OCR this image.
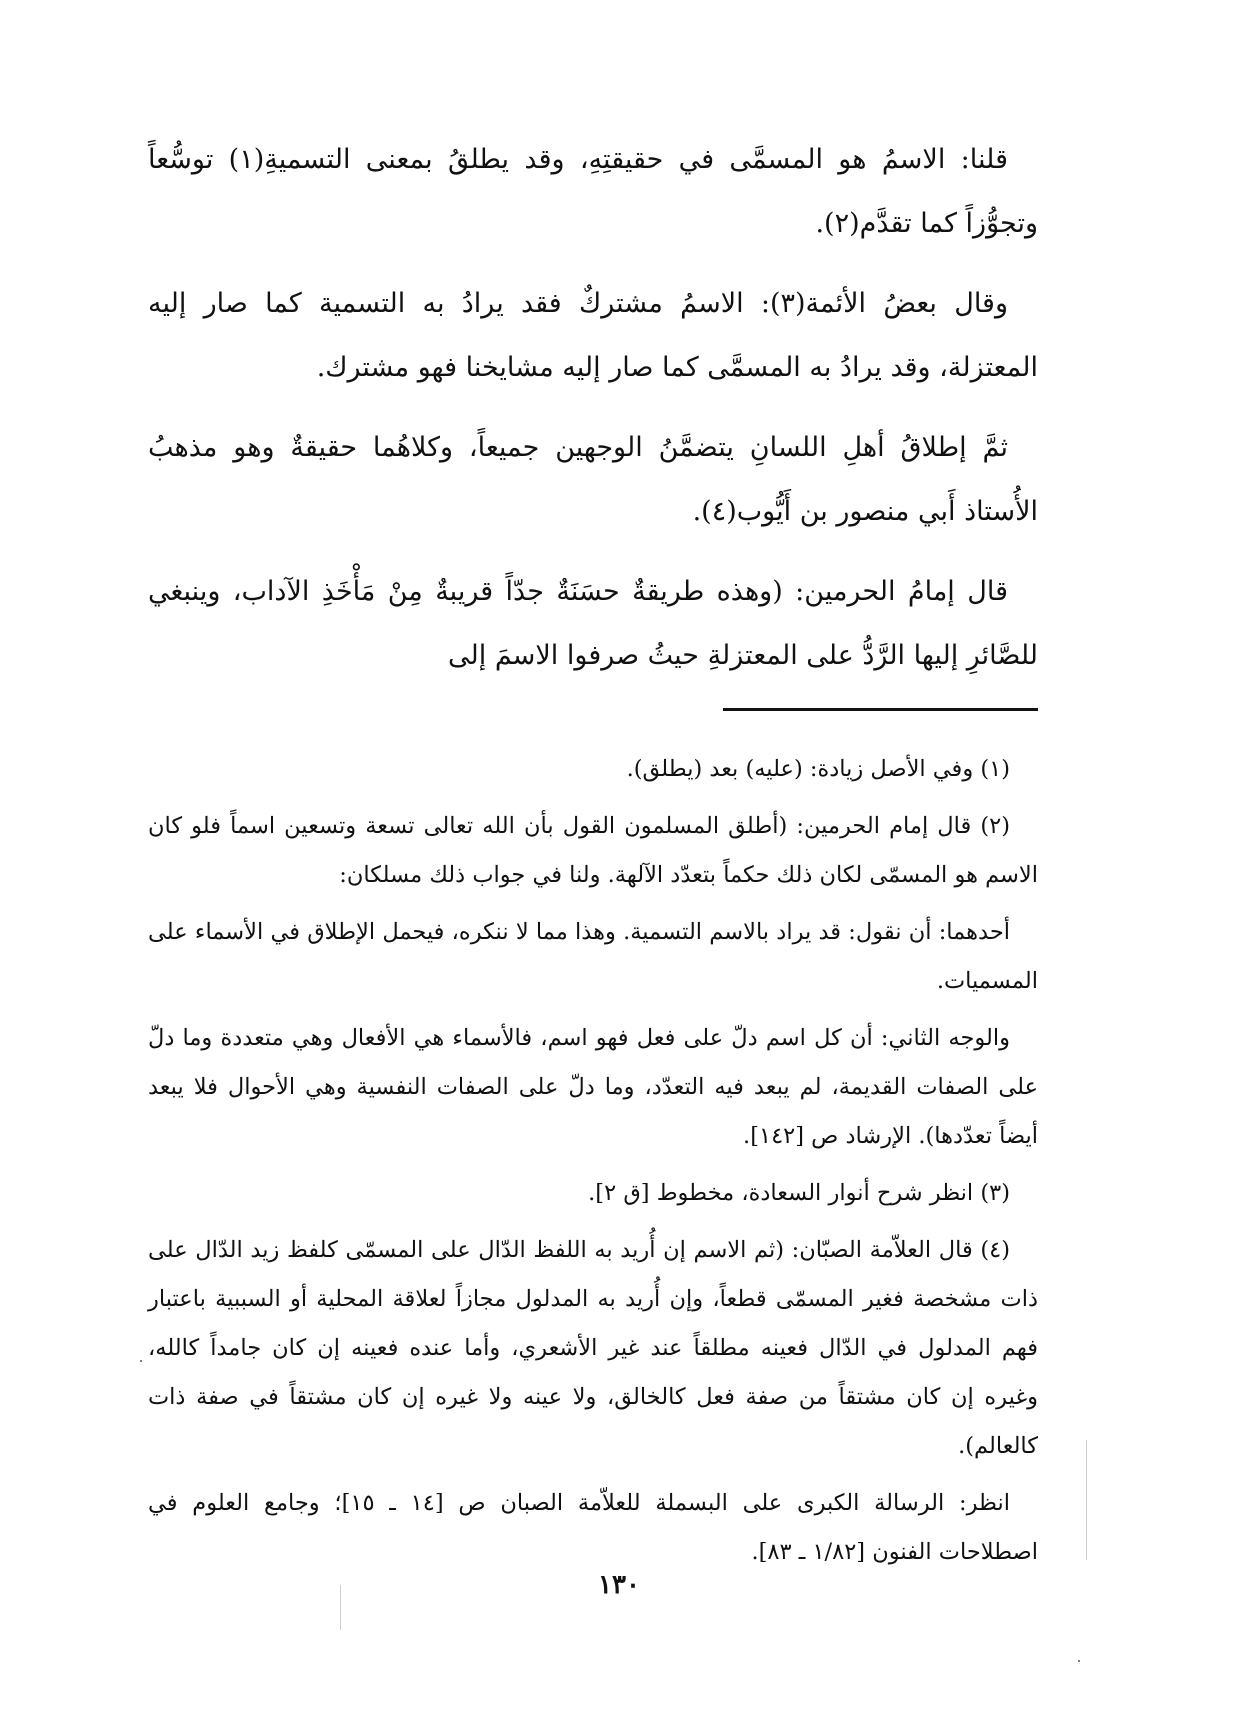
قلنا: الاسمُ هو المسمَّى في حقيقتِهِ، وقد يطلقُ بمعنى التسميةِ(١) توسُّعاً وتجوُّزاً كما تقدَّم(٢).

وقال بعضُ الأئمة(٣): الاسمُ مشتركٌ فقد يرادُ به التسمية كما صار إليه المعتزلة، وقد يرادُ به المسمَّى كما صار إليه مشايخنا فهو مشترك.

ثمَّ إطلاقُ أهلِ اللسانِ يتضمَّنُ الوجهين جميعاً، وكلاهُما حقيقةٌ وهو مذهبُ الأُستاذ أَبي منصور بن أَيُّوب(٤).

قال إمامُ الحرمين: (وهذه طريقةٌ حسَنَةٌ جدّاً قريبةٌ مِنْ مَأْخَذِ الآداب، وينبغي للصَّائرِ إليها الرَّدُّ على المعتزلةِ حيثُ صرفوا الاسمَ إلى

(١) وفي الأصل زيادة: (عليه) بعد (يطلق).

(٢) قال إمام الحرمين: (أطلق المسلمون القول بأن الله تعالى تسعة وتسعين اسماً فلو كان الاسم هو المسمّى لكان ذلك حكماً بتعدّد الآلهة. ولنا في جواب ذلك مسلكان:

أحدهما: أن نقول: قد يراد بالاسم التسمية. وهذا مما لا ننكره، فيحمل الإطلاق في الأسماء على المسميات.

والوجه الثاني: أن كل اسم دلّ على فعل فهو اسم، فالأسماء هي الأفعال وهي متعددة وما دلّ على الصفات القديمة، لم يبعد فيه التعدّد، وما دلّ على الصفات النفسية وهي الأحوال فلا يبعد أيضاً تعدّدها). الإرشاد ص [١٤٢].

(٣) انظر شرح أنوار السعادة، مخطوط [ق ٢].

(٤) قال العلاّمة الصبّان: (ثم الاسم إن أُريد به اللفظ الدّال على المسمّى كلفظ زيد الدّال على ذات مشخصة فغير المسمّى قطعاً، وإن أُريد به المدلول مجازاً لعلاقة المحلية أو السببية باعتبار فهم المدلول في الدّال فعينه مطلقاً عند غير الأشعري، وأما عنده فعينه إن كان جامداً كالله، وغيره إن كان مشتقاً من صفة فعل كالخالق، ولا عينه ولا غيره إن كان مشتقاً في صفة ذات كالعالم).

انظر: الرسالة الكبرى على البسملة للعلاّمة الصبان ص [١٤ ـ ١٥]؛ وجامع العلوم في اصطلاحات الفنون [١/٨٢ ـ ٨٣].

١٣٠
